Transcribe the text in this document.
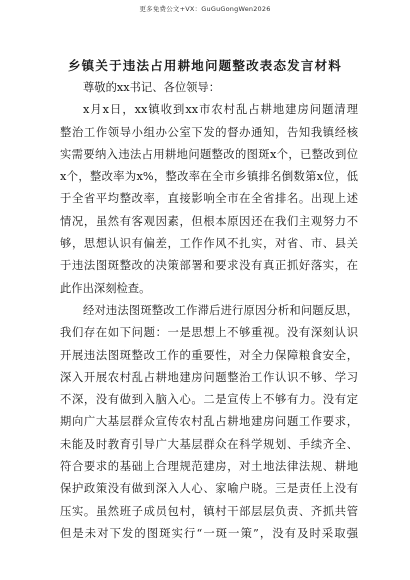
更多免费公文+VX：GuGuGongWen2026
乡镇关于违法占用耕地问题整改表态发言材料
尊敬的xx书记、各位领导：
x月x日，xx镇收到xx市农村乱占耕地建房问题清理
整治工作领导小组办公室下发的督办通知，告知我镇经核
实需要纳入违法占用耕地问题整改的图斑x个，已整改到位
x个，整改率为x%，整改率在全市乡镇排名倒数第x位，低
于全省平均整改率，直接影响全市在全省排名。出现上述
情况，虽然有客观因素，但根本原因还在我们主观努力不
够，思想认识有偏差，工作作风不扎实，对省、市、县关
于违法图斑整改的决策部署和要求没有真正抓好落实，在
此作出深刻检查。
经对违法图斑整改工作滞后进行原因分析和问题反思，
我们存在如下问题：一是思想上不够重视。没有深刻认识
开展违法图斑整改工作的重要性，对全力保障粮食安全，
深入开展农村乱占耕地建房问题整治工作认识不够、学习
不深，没有做到入脑入心。二是宣传上不够有力。没有定
期向广大基层群众宣传农村乱占耕地建房问题工作要求，
未能及时教育引导广大基层群众在科学规划、手续齐全、
符合要求的基础上合理规范建房，对土地法律法规、耕地
保护政策没有做到深入人心、家喻户晓。三是责任上没有
压实。虽然班子成员包村，镇村干部层层负责、齐抓共管
但是未对下发的图斑实行“一斑一策”，没有及时采取强
